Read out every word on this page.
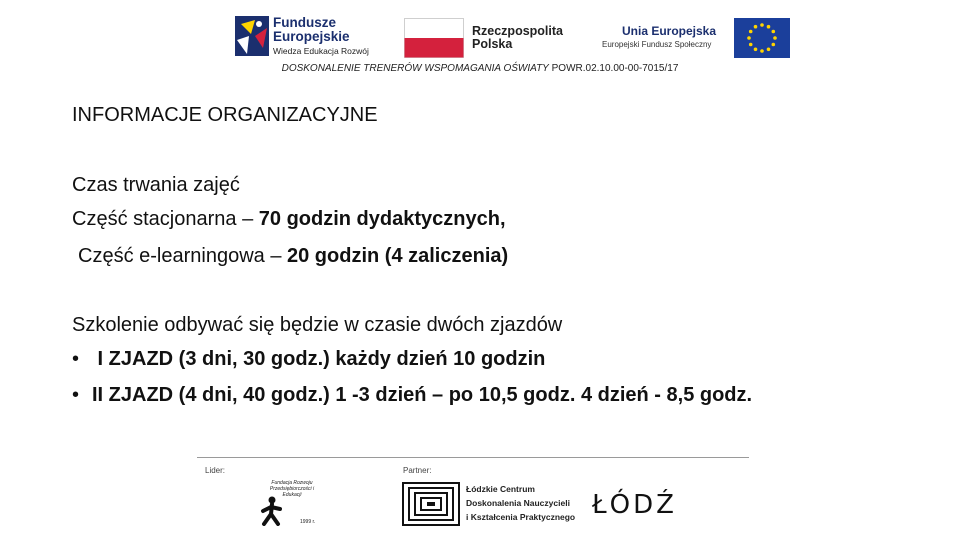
Fundusze
Europejskie
Wiedza Edukacja Rozwój
Rzeczpospolita
Polska
Unia Europejska
Europejski Fundusz Społeczny
DOSKONALENIE TRENERÓW WSPOMAGANIA OŚWIATY POWR.02.10.00-00-7015/17
INFORMACJE ORGANIZACYJNE
Czas trwania zajęć
Część stacjonarna – 70 godzin dydaktycznych,
Część e-learningowa – 20 godzin (4 zaliczenia)
Szkolenie odbywać się będzie w czasie dwóch zjazdów
• I ZJAZD (3 dni, 30 godz.) każdy dzień 10 godzin
• II ZJAZD (4 dni, 40 godz.) 1 -3 dzień – po 10,5 godz. 4 dzień - 8,5 godz.
Lider:	Partner:
Fundacja Rozwoju Przedsiębiorczości i Edukacji
1999 r.
Łódzkie Centrum
Doskonalenia Nauczycieli
i Kształcenia Praktycznego ŁÓDŹ
